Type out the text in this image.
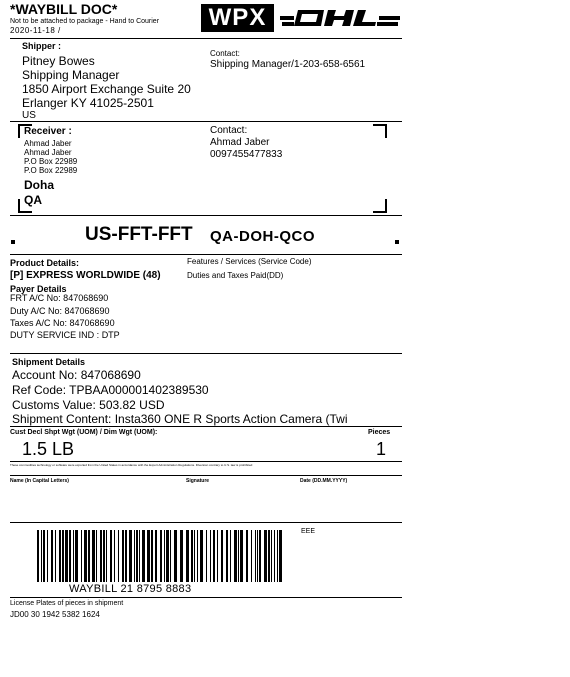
*WAYBILL DOC*
Not to be attached to package - Hand to Courier
2020-11-18 /	WPX
Shipper :
Pitney Bowes
Shipping Manager
1850 Airport Exchange Suite 20
Erlanger KY 41025-2501
US
Contact:
Shipping Manager/1-203-658-6561
Receiver :
Ahmad Jaber
Ahmad Jaber
P.O Box 22989
P.O Box 22989
Doha
QA
Contact:
Ahmad Jaber
0097455477833
US-FFT-FFT QA-DOH-QCO
Product Details:
[P] EXPRESS WORLDWIDE (48)
Features / Services (Service Code)
Duties and Taxes Paid(DD)
Payer Details
FRT A/C No: 847068690
Duty A/C No: 847068690
Taxes A/C No: 847068690
DUTY SERVICE IND : DTP
Shipment Details
Account No: 847068690
Ref Code: TPBAA000001402389530
Customs Value: 503.82 USD
Shipment Content: Insta360 ONE R Sports Action Camera (Twi
Cust Decl Shpt Wgt (UOM) / Dim Wgt (UOM):
1.5 LB
Pieces
1
These commodities technology or software were exported from the United States in accordance with the Export Administration Regulations. Diversion contrary to U.S. law is prohibited
Name (In Capital Letters)	Signature	Date (DD.MM.YYYY)
EEE
WAYBILL 21 8795 8883
License Plates of pieces in shipment
JD00 30 1942 5382 1624
